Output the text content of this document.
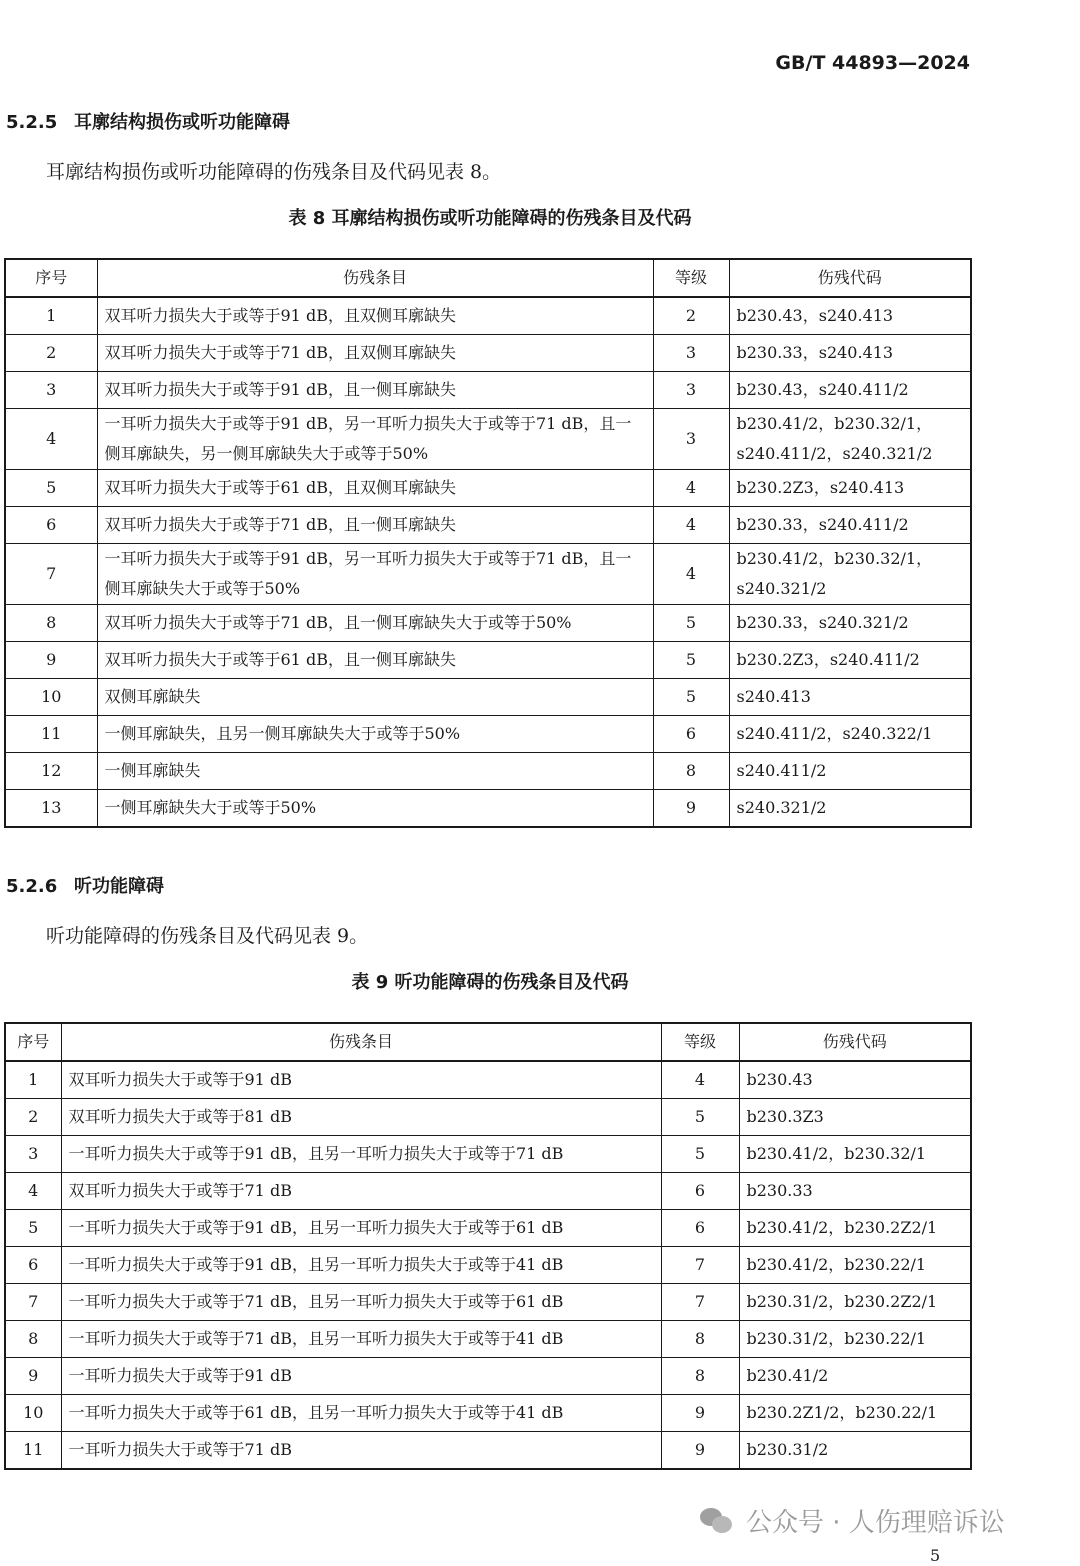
GB/T 44893—2024
5.2.5 耳廓结构损伤或听功能障碍
耳廓结构损伤或听功能障碍的伤残条目及代码见表 8。
表 8 耳廓结构损伤或听功能障碍的伤残条目及代码
序号	伤残条目	等级	伤残代码
1	双耳听力损失大于或等于91 dB，且双侧耳廓缺失	2	b230.43，s240.413
2	双耳听力损失大于或等于71 dB，且双侧耳廓缺失	3	b230.33，s240.413
3	双耳听力损失大于或等于91 dB，且一侧耳廓缺失	3	b230.43，s240.411/2
4	一耳听力损失大于或等于91 dB，另一耳听力损失大于或等于71 dB，且一侧耳廓缺失，另一侧耳廓缺失大于或等于50%	3	b230.41/2，b230.32/1，s240.411/2，s240.321/2
5	双耳听力损失大于或等于61 dB，且双侧耳廓缺失	4	b230.2Z3，s240.413
6	双耳听力损失大于或等于71 dB，且一侧耳廓缺失	4	b230.33，s240.411/2
7	一耳听力损失大于或等于91 dB，另一耳听力损失大于或等于71 dB，且一侧耳廓缺失大于或等于50%	4	b230.41/2，b230.32/1，s240.321/2
8	双耳听力损失大于或等于71 dB，且一侧耳廓缺失大于或等于50%	5	b230.33，s240.321/2
9	双耳听力损失大于或等于61 dB，且一侧耳廓缺失	5	b230.2Z3，s240.411/2
10	双侧耳廓缺失	5	s240.413
11	一侧耳廓缺失，且另一侧耳廓缺失大于或等于50%	6	s240.411/2，s240.322/1
12	一侧耳廓缺失	8	s240.411/2
13	一侧耳廓缺失大于或等于50%	9	s240.321/2
5.2.6 听功能障碍
听功能障碍的伤残条目及代码见表 9。
表 9 听功能障碍的伤残条目及代码
序号	伤残条目	等级	伤残代码
1	双耳听力损失大于或等于91 dB	4	b230.43
2	双耳听力损失大于或等于81 dB	5	b230.3Z3
3	一耳听力损失大于或等于91 dB，且另一耳听力损失大于或等于71 dB	5	b230.41/2，b230.32/1
4	双耳听力损失大于或等于71 dB	6	b230.33
5	一耳听力损失大于或等于91 dB，且另一耳听力损失大于或等于61 dB	6	b230.41/2，b230.2Z2/1
6	一耳听力损失大于或等于91 dB，且另一耳听力损失大于或等于41 dB	7	b230.41/2，b230.22/1
7	一耳听力损失大于或等于71 dB，且另一耳听力损失大于或等于61 dB	7	b230.31/2，b230.2Z2/1
8	一耳听力损失大于或等于71 dB，且另一耳听力损失大于或等于41 dB	8	b230.31/2，b230.22/1
9	一耳听力损失大于或等于91 dB	8	b230.41/2
10	一耳听力损失大于或等于61 dB，且另一耳听力损失大于或等于41 dB	9	b230.2Z1/2，b230.22/1
11	一耳听力损失大于或等于71 dB	9	b230.31/2
公众号 · 人伤理赔诉讼
5
